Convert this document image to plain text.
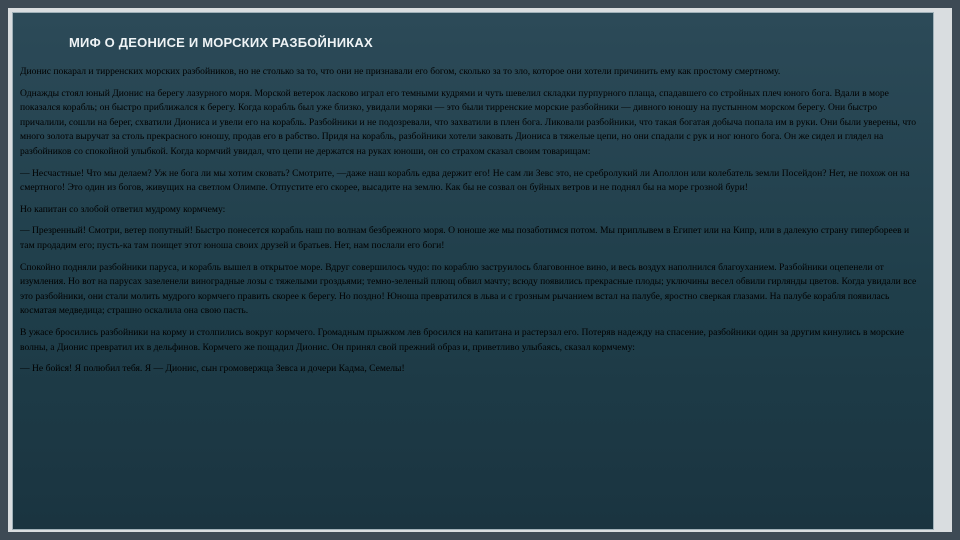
МИФ О ДЕОНИСЕ И МОРСКИХ РАЗБОЙНИКАХ

Дионис покарал и тирренских морских разбойников, но не столько за то, что они не признавали его богом, сколько за то зло, которое они хотели причинить ему как простому смертному.

Однажды стоял юный Дионис на берегу лазурного моря. Морской ветерок ласково играл его темными кудрями и чуть шевелил складки пурпурного плаща, спадавшего со стройных плеч юного бога. Вдали в море показался корабль; он быстро приближался к берегу. Когда корабль был уже близко, увидали моряки — это были тирренские морские разбойники — дивного юношу на пустынном морском берегу. Они быстро причалили, сошли на берег, схватили Диониса и увели его на корабль. Разбойники и не подозревали, что захватили в плен бога. Ликовали разбойники, что такая богатая добыча попала им в руки. Они были уверены, что много золота выручат за столь прекрасного юношу, продав его в рабство. Придя на корабль, разбойники хотели заковать Диониса в тяжелые цепи, но они спадали с рук и ног юного бога. Он же сидел и глядел на разбойников со спокойной улыбкой. Когда кормчий увидал, что цепи не держатся на руках юноши, он со страхом сказал своим товарищам:

— Несчастные! Что мы делаем? Уж не бога ли мы хотим сковать? Смотрите, —даже наш корабль едва держит его! Не сам ли Зевс это, не сребролукий ли Аполлон или колебатель земли Посейдон? Нет, не похож он на смертного! Это один из богов, живущих на светлом Олимпе. Отпустите его скорее, высадите на землю. Как бы не созвал он буйных ветров и не поднял бы на море грозной бури!

Но капитан со злобой ответил мудрому кормчему:

— Презренный! Смотри, ветер попутный! Быстро понесется корабль наш по волнам безбрежного моря. О юноше же мы позаботимся потом. Мы приплывем в Египет или на Кипр, или в далекую страну гипербореев и там продадим его; пусть-ка там поищет этот юноша своих друзей и братьев. Нет, нам послали его боги!

Спокойно подняли разбойники паруса, и корабль вышел в открытое море. Вдруг совершилось чудо: по кораблю заструилось благовонное вино, и весь воздух наполнился благоуханием. Разбойники оцепенели от изумления. Но вот на парусах зазеленели виноградные лозы с тяжелыми гроздьями; темно-зеленый плющ обвил мачту; всюду появились прекрасные плоды; уключины весел обвили гирлянды цветов. Когда увидали все это разбойники, они стали молить мудрого кормчего править скорее к берегу. Но поздно! Юноша превратился в льва и с грозным рычанием встал на палубе, яростно сверкая глазами. На палубе корабля появилась косматая медведица; страшно оскалила она свою пасть.

В ужасе бросились разбойники на корму и столпились вокруг кормчего. Громадным прыжком лев бросился на капитана и растерзал его. Потеряв надежду на спасение, разбойники один за другим кинулись в морские волны, а Дионис превратил их в дельфинов. Кормчего же пощадил Дионис. Он принял свой прежний образ и, приветливо улыбаясь, сказал кормчему:

— Не бойся! Я полюбил тебя. Я — Дионис, сын громовержца Зевса и дочери Кадма, Семелы!
